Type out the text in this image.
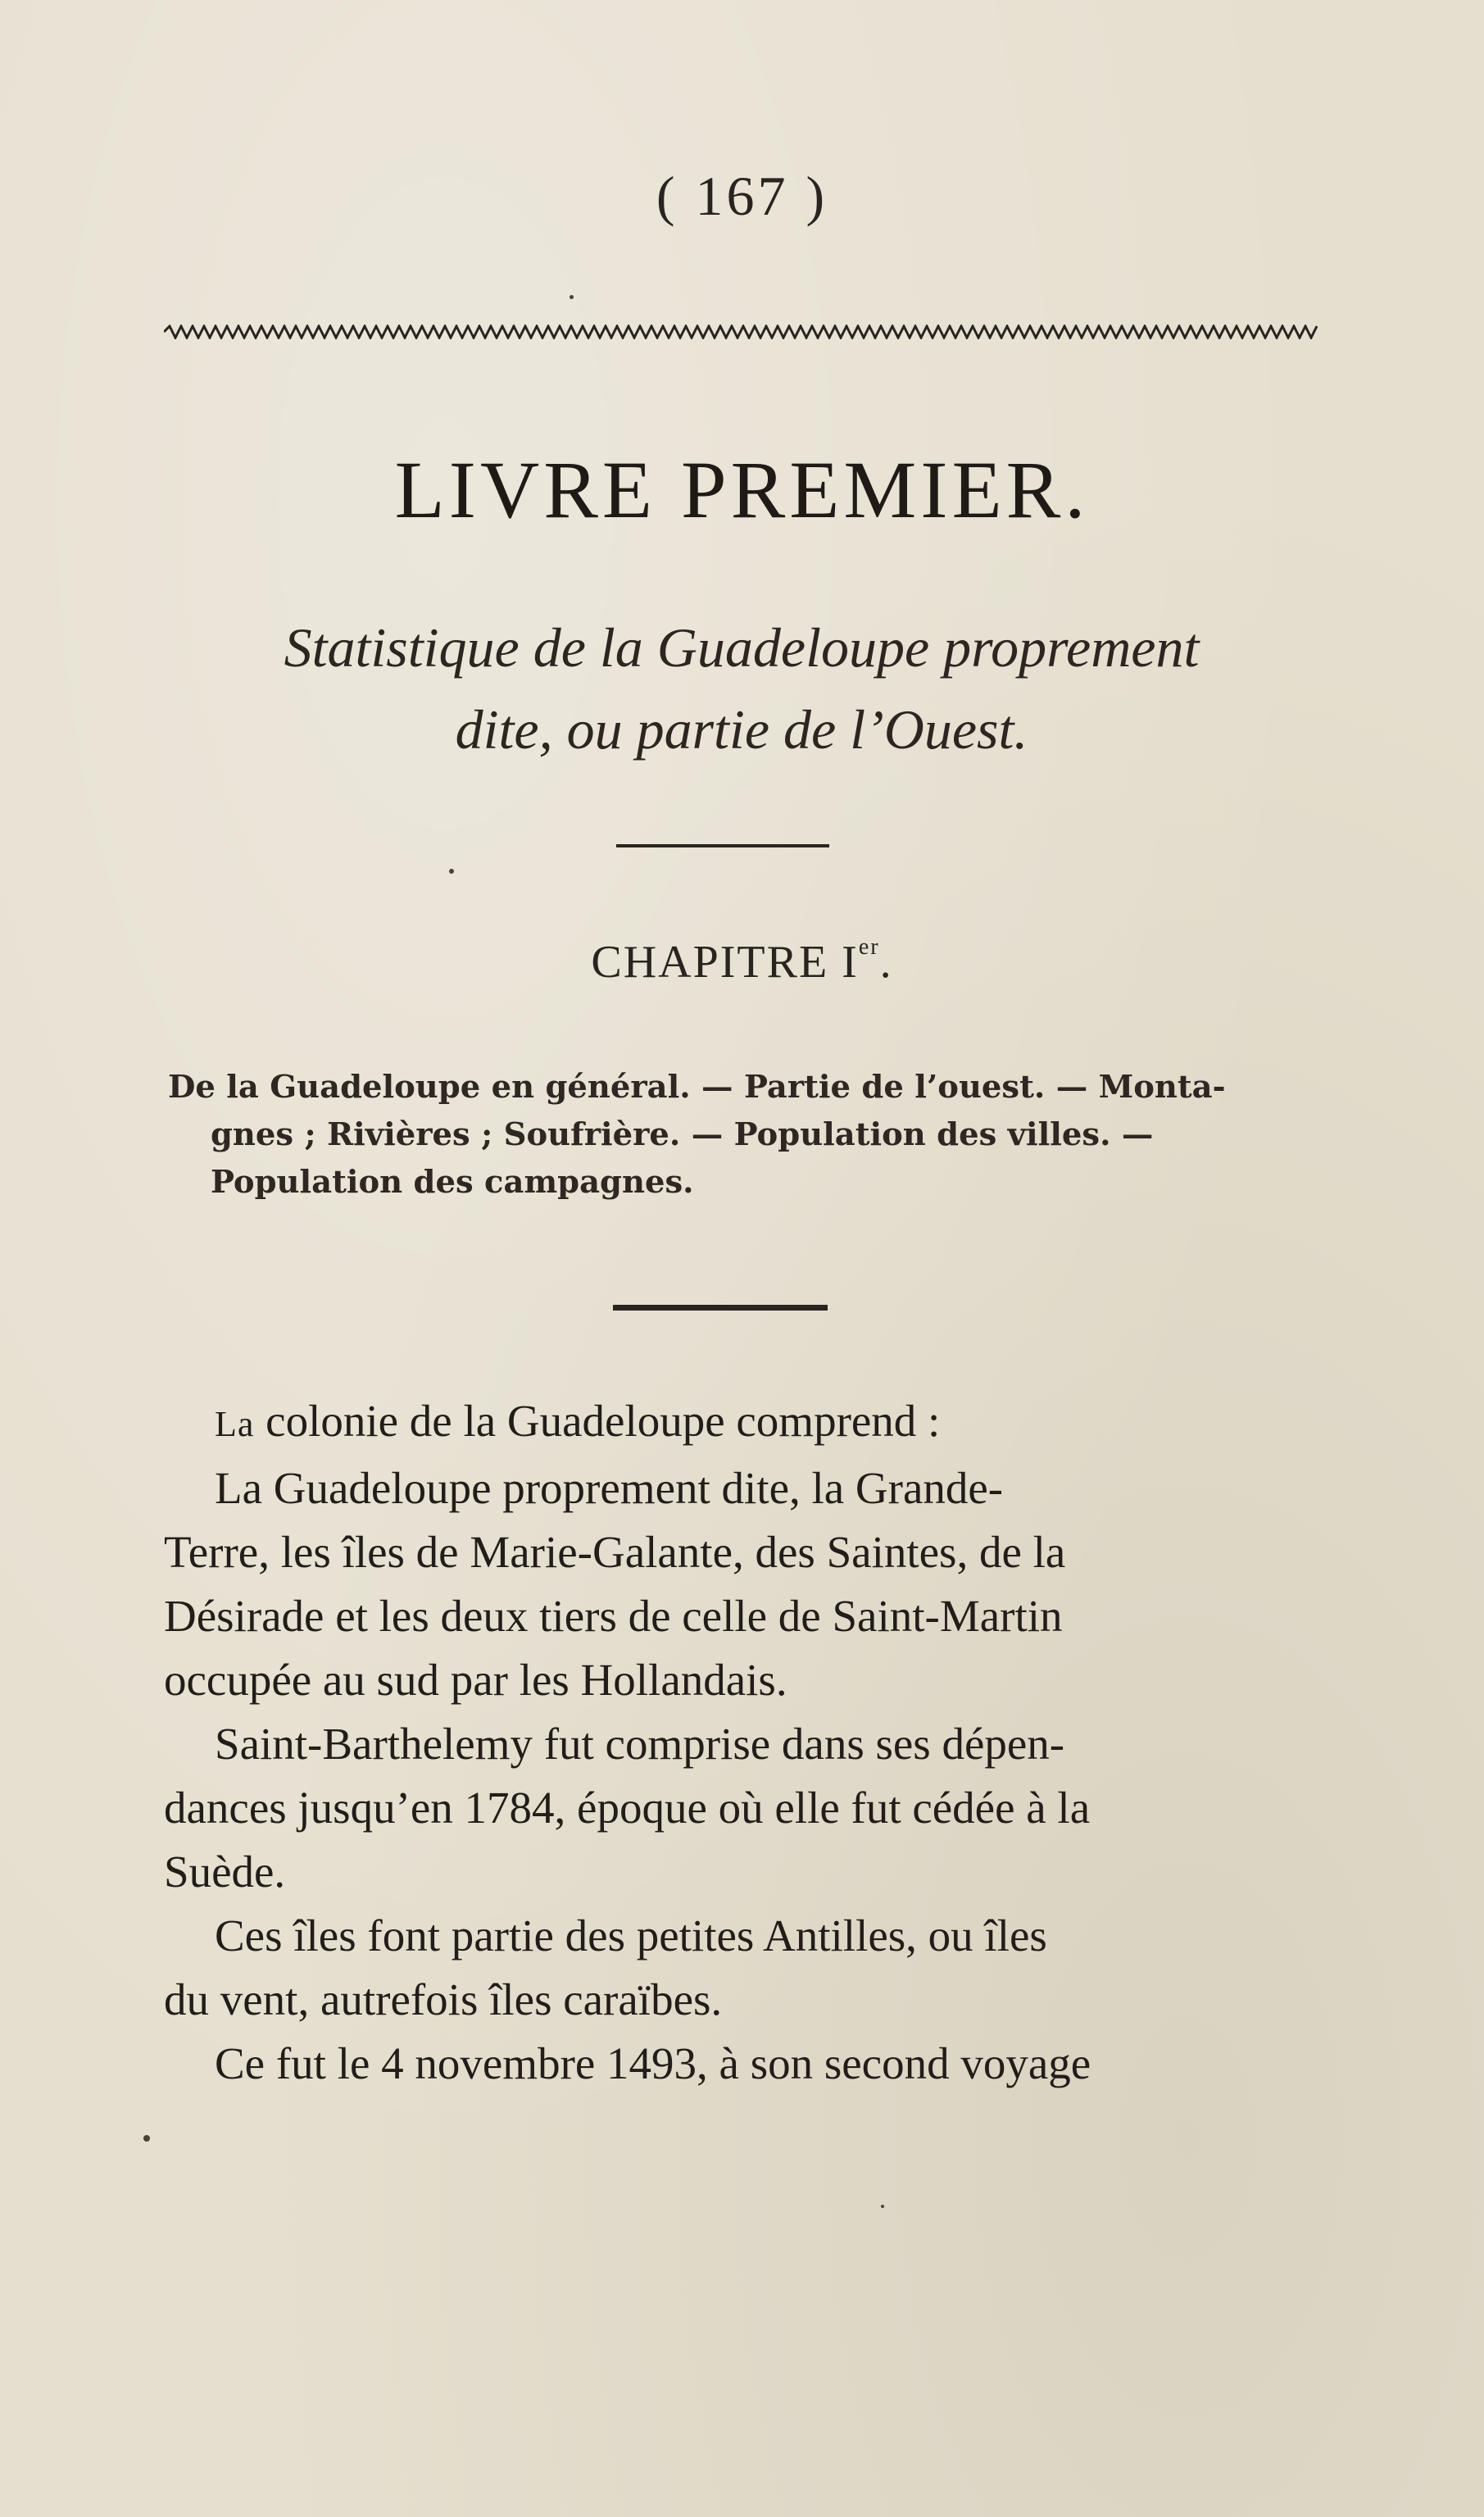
( 167 )
LIVRE PREMIER.
Statistique de la Guadeloupe proprement
dite, ou partie de l’Ouest.
CHAPITRE Ier.
De la Guadeloupe en général. — Partie de l’ouest. — Monta-
gnes ; Rivières ; Soufrière. — Population des villes. —
Population des campagnes.
La colonie de la Guadeloupe comprend :
La Guadeloupe proprement dite, la Grande-
Terre, les îles de Marie-Galante, des Saintes, de la
Désirade et les deux tiers de celle de Saint-Martin
occupée au sud par les Hollandais.
Saint-Barthelemy fut comprise dans ses dépen-
dances jusqu’en 1784, époque où elle fut cédée à la
Suède.
Ces îles font partie des petites Antilles, ou îles
du vent, autrefois îles caraïbes.
Ce fut le 4 novembre 1493, à son second voyage
